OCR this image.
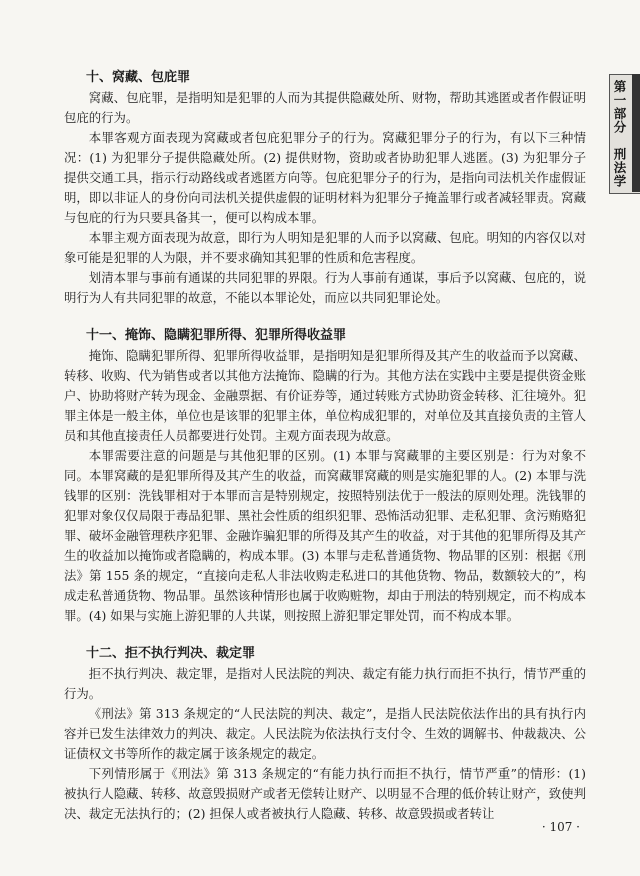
第一部分　刑法学

十、窝藏、包庇罪

窝藏、包庇罪，是指明知是犯罪的人而为其提供隐藏处所、财物，帮助其逃匿或者作假证明包庇的行为。

本罪客观方面表现为窝藏或者包庇犯罪分子的行为。窝藏犯罪分子的行为，有以下三种情况：(1) 为犯罪分子提供隐藏处所。(2) 提供财物，资助或者协助犯罪人逃匿。(3) 为犯罪分子提供交通工具，指示行动路线或者逃匿方向等。包庇犯罪分子的行为，是指向司法机关作虚假证明，即以非证人的身份向司法机关提供虚假的证明材料为犯罪分子掩盖罪行或者减轻罪责。窝藏与包庇的行为只要具备其一，便可以构成本罪。

本罪主观方面表现为故意，即行为人明知是犯罪的人而予以窝藏、包庇。明知的内容仅以对象可能是犯罪的人为限，并不要求确知其犯罪的性质和危害程度。

划清本罪与事前有通谋的共同犯罪的界限。行为人事前有通谋，事后予以窝藏、包庇的，说明行为人有共同犯罪的故意，不能以本罪论处，而应以共同犯罪论处。

十一、掩饰、隐瞒犯罪所得、犯罪所得收益罪

掩饰、隐瞒犯罪所得、犯罪所得收益罪，是指明知是犯罪所得及其产生的收益而予以窝藏、转移、收购、代为销售或者以其他方法掩饰、隐瞒的行为。其他方法在实践中主要是提供资金账户、协助将财产转为现金、金融票据、有价证券等，通过转账方式协助资金转移、汇往境外。犯罪主体是一般主体，单位也是该罪的犯罪主体，单位构成犯罪的，对单位及其直接负责的主管人员和其他直接责任人员都要进行处罚。主观方面表现为故意。

本罪需要注意的问题是与其他犯罪的区别。(1) 本罪与窝藏罪的主要区别是：行为对象不同。本罪窝藏的是犯罪所得及其产生的收益，而窝藏罪窝藏的则是实施犯罪的人。(2) 本罪与洗钱罪的区别：洗钱罪相对于本罪而言是特别规定，按照特别法优于一般法的原则处理。洗钱罪的犯罪对象仅仅局限于毒品犯罪、黑社会性质的组织犯罪、恐怖活动犯罪、走私犯罪、贪污贿赂犯罪、破坏金融管理秩序犯罪、金融诈骗犯罪的所得及其产生的收益，对于其他的犯罪所得及其产生的收益加以掩饰或者隐瞒的，构成本罪。(3) 本罪与走私普通货物、物品罪的区别：根据《刑法》第 155 条的规定，“直接向走私人非法收购走私进口的其他货物、物品，数额较大的”，构成走私普通货物、物品罪。虽然该种情形也属于收购赃物，却由于刑法的特别规定，而不构成本罪。(4) 如果与实施上游犯罪的人共谋，则按照上游犯罪定罪处罚，而不构成本罪。

十二、拒不执行判决、裁定罪

拒不执行判决、裁定罪，是指对人民法院的判决、裁定有能力执行而拒不执行，情节严重的行为。

《刑法》第 313 条规定的“人民法院的判决、裁定”，是指人民法院依法作出的具有执行内容并已发生法律效力的判决、裁定。人民法院为依法执行支付令、生效的调解书、仲裁裁决、公证债权文书等所作的裁定属于该条规定的裁定。

下列情形属于《刑法》第 313 条规定的“有能力执行而拒不执行，情节严重”的情形：(1) 被执行人隐藏、转移、故意毁损财产或者无偿转让财产、以明显不合理的低价转让财产，致使判决、裁定无法执行的；(2) 担保人或者被执行人隐藏、转移、故意毁损或者转让

· 107 ·
